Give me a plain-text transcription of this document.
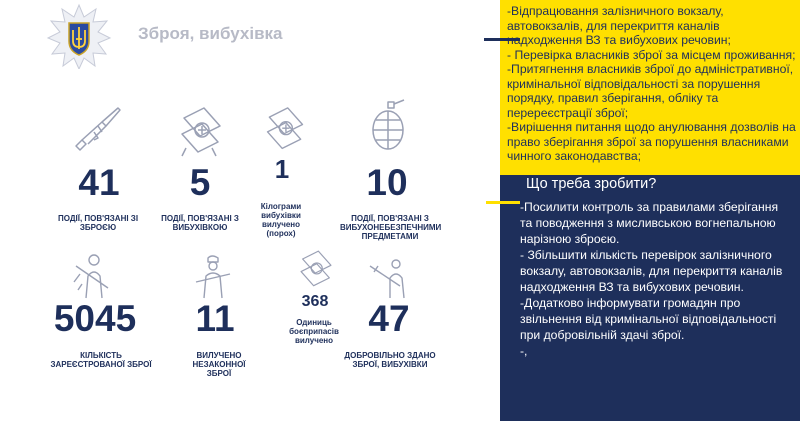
Зброя, вибухівка
41
ПОДІЇ, ПОВ'ЯЗАНІ ЗІ ЗБРОЄЮ
5
ПОДІЇ, ПОВ'ЯЗАНІ З ВИБУХІВКОЮ
1
Кілограми вибухівки вилучено (порох)
10
ПОДІЇ, ПОВ'ЯЗАНІ З ВИБУХОНЕБЕЗПЕЧНИМИ ПРЕДМЕТАМИ
5045
КІЛЬКІСТЬ ЗАРЕЄСТРОВАНОЇ ЗБРОЇ
11
ВИЛУЧЕНО НЕЗАКОННОЇ ЗБРОЇ
368
Одиниць боєприпасів вилучено
47
ДОБРОВІЛЬНО ЗДАНО ЗБРОЇ, ВИБУХІВКИ

-Відпрацювання залізничного вокзалу, автовокзалів, для перекриття каналів надходження ВЗ та вибухових речовин;

- Перевірка власників зброї за місцем проживання;

-Притягнення власників зброї до адміністративної, кримінальної відповідальності за порушення порядку, правил зберігання, обліку та перереєстрації зброї;

-Вирішення питання щодо анулювання дозволів на право зберігання зброї за порушення власниками чинного законодавства;

Що треба зробити?

-Посилити контроль за правилами зберігання та поводження з мисливською вогнепальною нарізною зброєю.

- Збільшити кількість перевірок залізничного вокзалу, автовокзалів, для перекриття каналів надходження ВЗ та вибухових речовин.

-Додатково інформувати громадян про звільнення від кримінальної відповідальності при добровільній здачі зброї.

-,
